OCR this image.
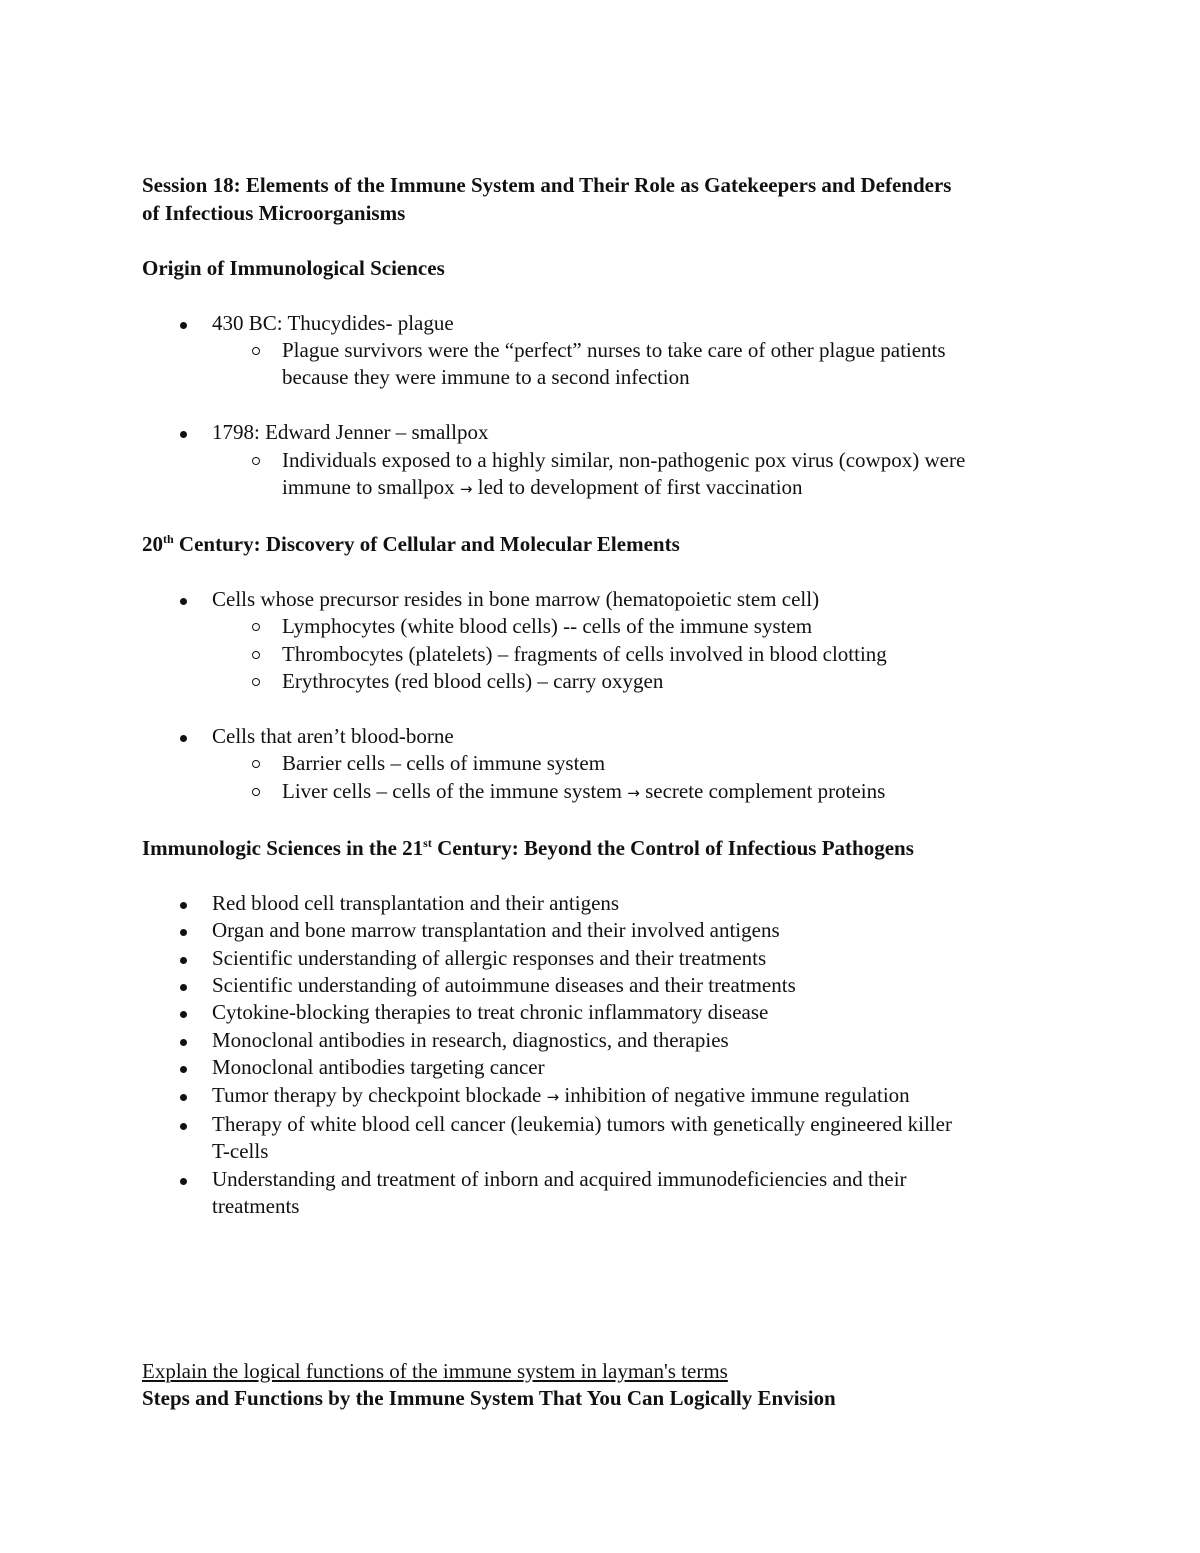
Session 18: Elements of the Immune System and Their Role as Gatekeepers and Defenders
of Infectious Microorganisms

Origin of Immunological Sciences

430 BC: Thucydides- plague
Plague survivors were the “perfect” nurses to take care of other plague patients
because they were immune to a second infection
1798: Edward Jenner – smallpox
Individuals exposed to a highly similar, non-pathogenic pox virus (cowpox) were
immune to smallpox → led to development of first vaccination

20th Century: Discovery of Cellular and Molecular Elements

Cells whose precursor resides in bone marrow (hematopoietic stem cell)
Lymphocytes (white blood cells) -- cells of the immune system
Thrombocytes (platelets) – fragments of cells involved in blood clotting
Erythrocytes (red blood cells) – carry oxygen
Cells that aren’t blood-borne
Barrier cells – cells of immune system
Liver cells – cells of the immune system → secrete complement proteins

Immunologic Sciences in the 21st Century: Beyond the Control of Infectious Pathogens

Red blood cell transplantation and their antigens
Organ and bone marrow transplantation and their involved antigens
Scientific understanding of allergic responses and their treatments
Scientific understanding of autoimmune diseases and their treatments
Cytokine-blocking therapies to treat chronic inflammatory disease
Monoclonal antibodies in research, diagnostics, and therapies
Monoclonal antibodies targeting cancer
Tumor therapy by checkpoint blockade → inhibition of negative immune regulation
Therapy of white blood cell cancer (leukemia) tumors with genetically engineered killer
T-cells
Understanding and treatment of inborn and acquired immunodeficiencies and their
treatments

Explain the logical functions of the immune system in layman's terms

Steps and Functions by the Immune System That You Can Logically Envision
